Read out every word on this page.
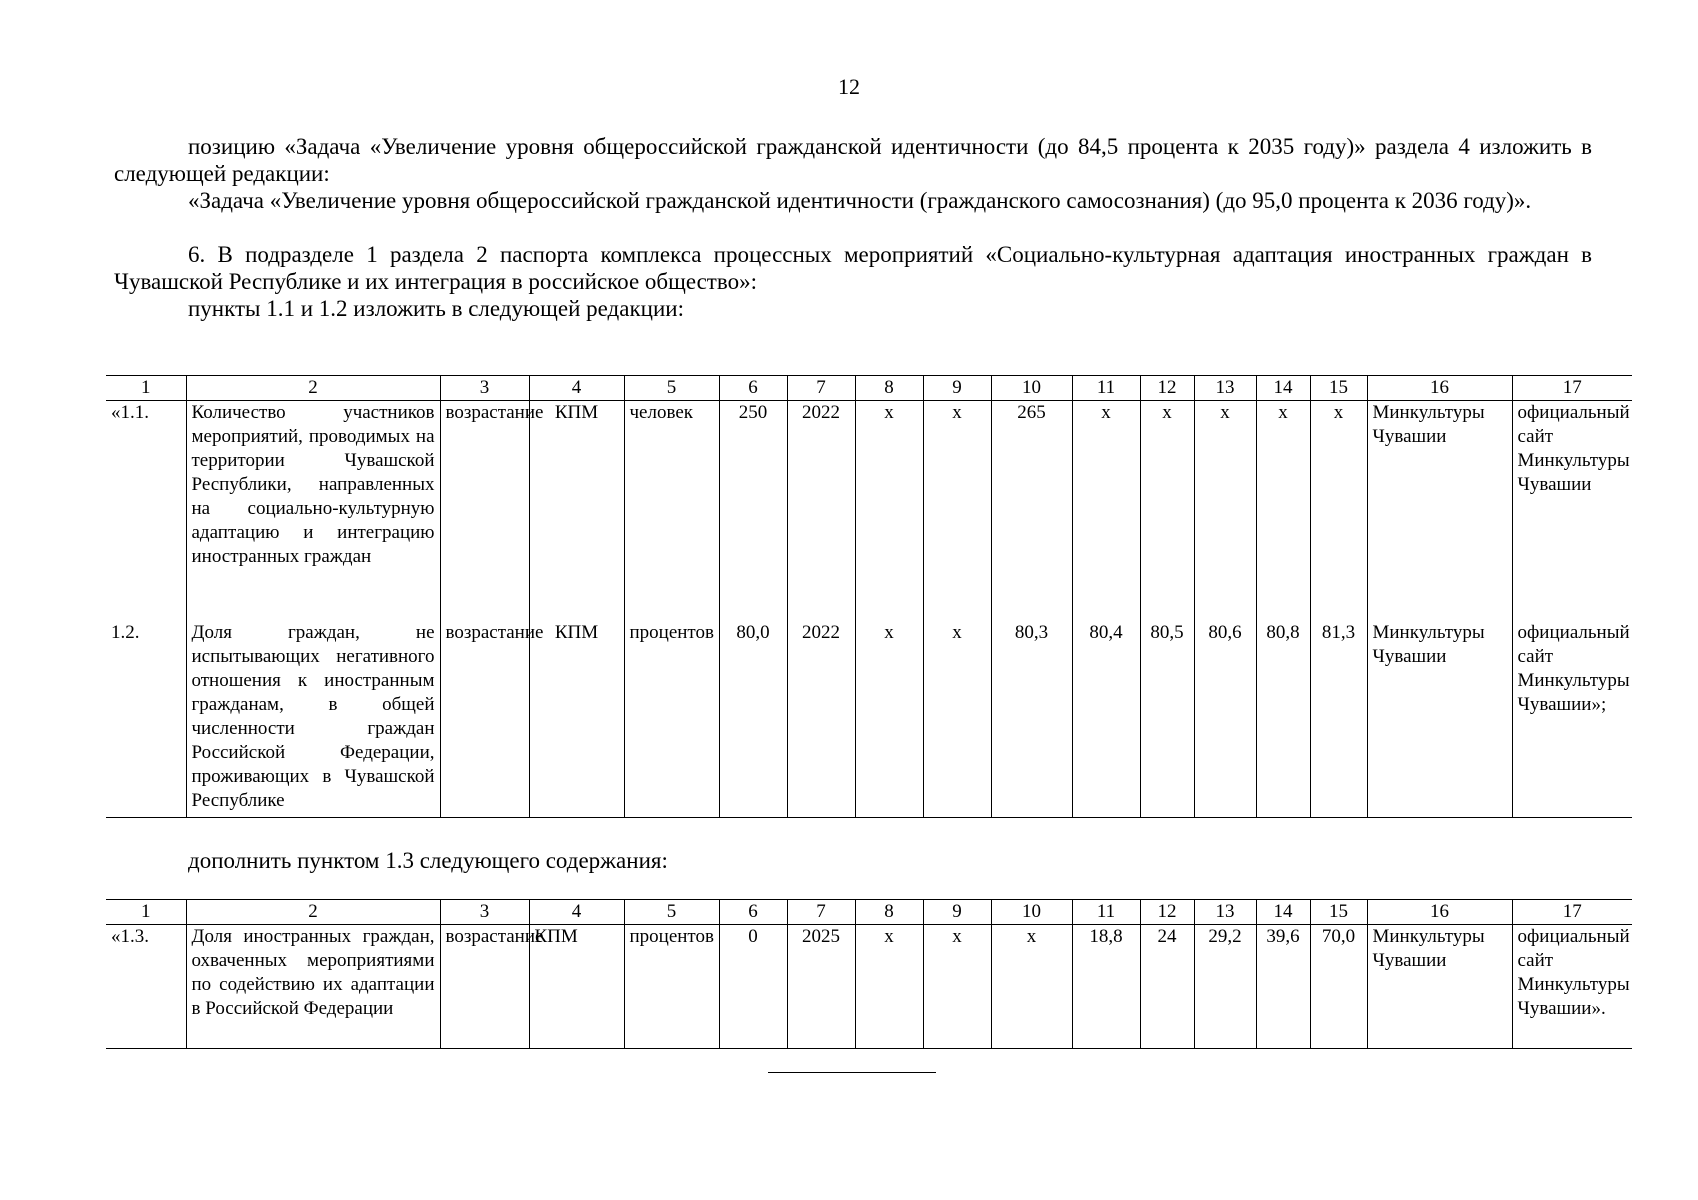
12

позицию «Задача «Увеличение уровня общероссийской гражданской идентичности (до 84,5 процента к 2035 году)» раздела 4 изложить в следующей редакции:

«Задача «Увеличение уровня общероссийской гражданской идентичности (гражданского самосознания) (до 95,0 процента к 2036 году)».

6. В подразделе 1 раздела 2 паспорта комплекса процессных мероприятий «Социально-культурная адаптация иностранных граждан в Чувашской Республике и их интеграция в российское общество»:

пункты 1.1 и 1.2 изложить в следующей редакции:

1	2	3	4	5	6	7	8	9	10	11	12	13	14	15	16	17
«1.1.	Количество участников мероприятий, проводимых на территории Чувашской Республики, направленных на социально-культурную адаптацию и интеграцию иностранных граждан	возрастание	КПМ	человек	250	2022	х	х	265	х	х	х	х	х	Минкультуры Чувашии	официальный сайт Минкультуры Чувашии
1.2.	Доля граждан, не испытывающих негативного отношения к иностранным гражданам, в общей численности граждан Российской Федерации, проживающих в Чувашской Республике	возрастание	КПМ	процентов	80,0	2022	х	х	80,3	80,4	80,5	80,6	80,8	81,3	Минкультуры Чувашии	официальный сайт Минкультуры Чувашии»;

дополнить пунктом 1.3 следующего содержания:

1	2	3	4	5	6	7	8	9	10	11	12	13	14	15	16	17
«1.3.	Доля иностранных граждан, охваченных мероприятиями по содействию их адаптации в Российской Федерации	возрастание	КПМ	процентов	0	2025	х	х	х	18,8	24	29,2	39,6	70,0	Минкультуры Чувашии	официальный сайт Минкультуры Чувашии».
